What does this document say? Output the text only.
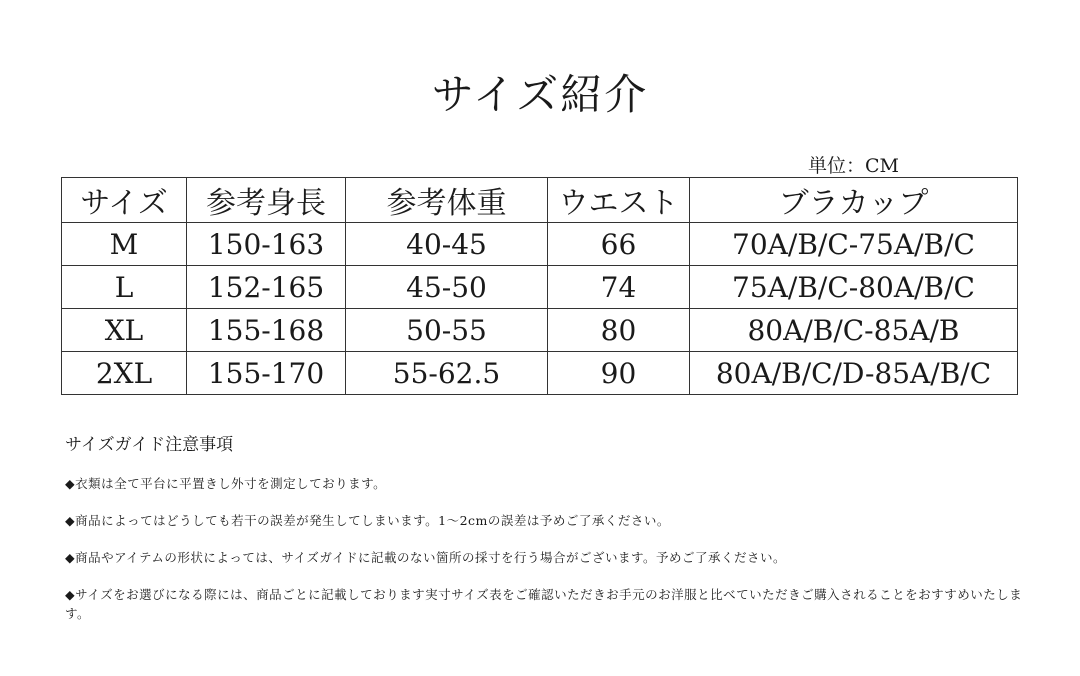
サイズ紹介
単位：CM
サイズ	参考身長	参考体重	ウエスト	ブラカップ
M	150-163	40-45	66	70A/B/C-75A/B/C
L	152-165	45-50	74	75A/B/C-80A/B/C
XL	155-168	50-55	80	80A/B/C-85A/B
2XL	155-170	55-62.5	90	80A/B/C/D-85A/B/C
サイズガイド注意事項
◆衣類は全て平台に平置きし外寸を測定しております。
◆商品によってはどうしても若干の誤差が発生してしまいます。1～2cmの誤差は予めご了承ください。
◆商品やアイテムの形状によっては、サイズガイドに記載のない箇所の採寸を行う場合がございます。予めご了承ください。
◆サイズをお選びになる際には、商品ごとに記載しております実寸サイズ表をご確認いただきお手元のお洋服と比べていただきご購入されることをおすすめいたします。
